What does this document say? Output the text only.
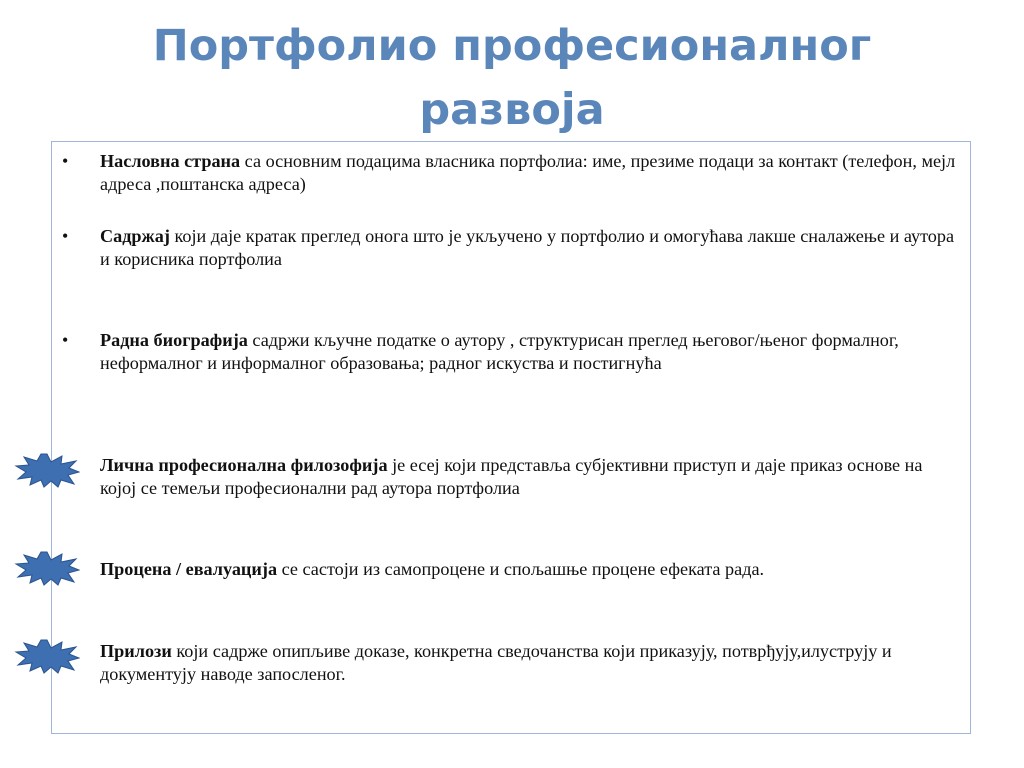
Портфолио професионалног
развоја
• Насловна страна са основним подацима власника портфолиа: име, презиме подаци за контакт (телефон, мејл адреса ,поштанска адреса)
• Садржај који даје кратак преглед онога што је укључено у портфолио и омогућава лакше сналажење и аутора и корисника портфолиа
• Радна биографија садржи кључне податке о аутору , структурисан преглед његовог/њеног формалног, неформалног и информалног образовања; радног искуства и постигнућа
Лична професионална филозофија је есеј који представља субјективни приступ и даје приказ основе на којој се темељи професионални рад аутора портфолиа
Процена / евалуација се састоји из самопроцене и спољашње процене ефеката рада.
Прилози који садрже опипљиве доказе, конкретна сведочанства који приказују, потврђују,илуструју и документују наводе запосленог.
